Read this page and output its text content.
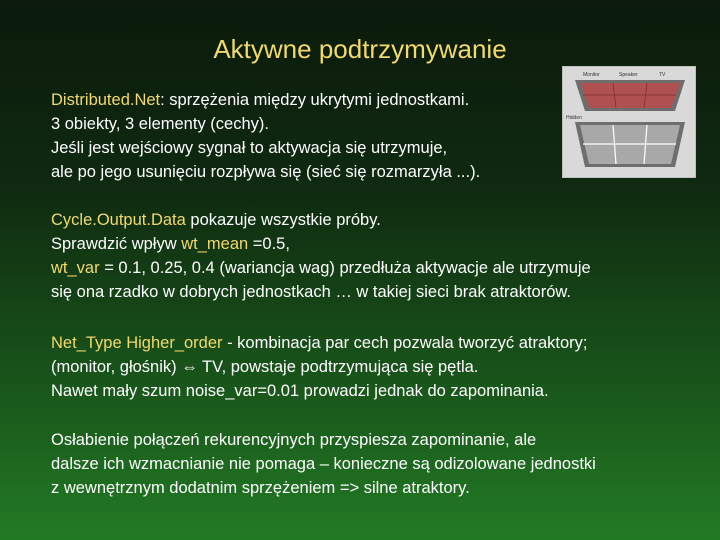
Aktywne podtrzymywanie
Distributed.Net: sprzężenia między ukrytymi jednostkami.
3 obiekty, 3 elementy (cechy).
Jeśli jest wejściowy sygnał to aktywacja się utrzymuje,
ale po jego usunięciu rozpływa się (sieć się rozmarzyła ...).
Cycle.Output.Data pokazuje wszystkie próby.
Sprawdzić wpływ wt_mean =0.5,
wt_var = 0.1, 0.25, 0.4 (wariancja wag) przedłuża aktywacje ale utrzymuje
się ona rzadko w dobrych jednostkach … w takiej sieci brak atraktorów.
Net_Type Higher_order - kombinacja par cech pozwala tworzyć atraktory;
(monitor, głośnik) ⇔ TV, powstaje podtrzymująca się pętla.
Nawet mały szum noise_var=0.01 prowadzi jednak do zapominania.
Osłabienie połączeń rekurencyjnych przyspiesza zapominanie, ale
dalsze ich wzmacnianie nie pomaga – konieczne są odizolowane jednostki
z wewnętrznym dodatnim sprzężeniem => silne atraktory.
Monitor	Speaker	TV
Hidden
